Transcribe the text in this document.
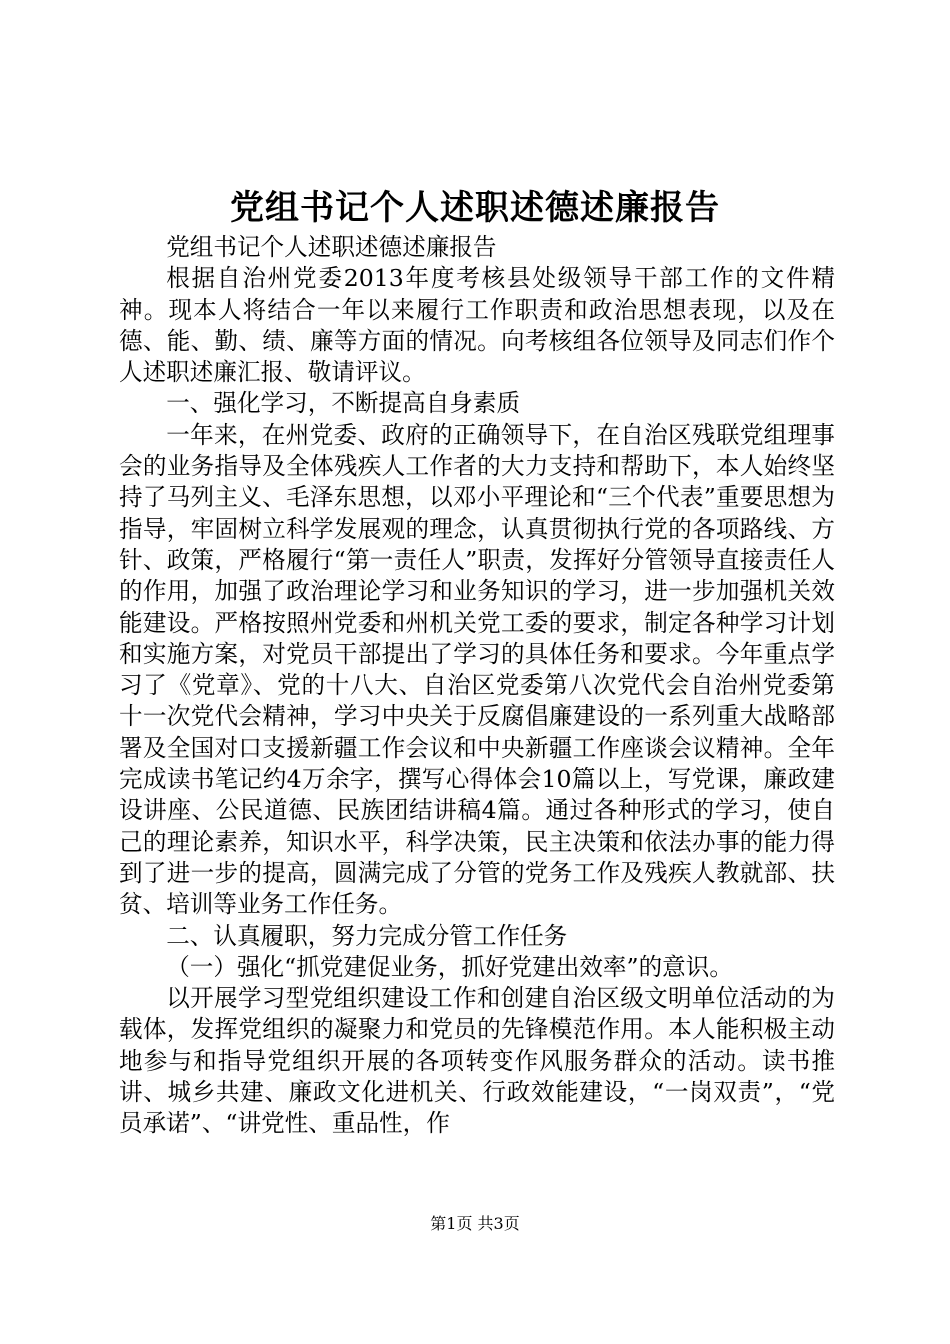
党组书记个人述职述德述廉报告

党组书记个人述职述德述廉报告

根据自治州党委2013年度考核县处级领导干部工作的文件精神。现本人将结合一年以来履行工作职责和政治思想表现，以及在德、能、勤、绩、廉等方面的情况。向考核组各位领导及同志们作个人述职述廉汇报、敬请评议。

一、强化学习，不断提高自身素质

一年来，在州党委、政府的正确领导下，在自治区残联党组理事会的业务指导及全体残疾人工作者的大力支持和帮助下，本人始终坚持了马列主义、毛泽东思想，以邓小平理论和“三个代表”重要思想为指导，牢固树立科学发展观的理念，认真贯彻执行党的各项路线、方针、政策，严格履行“第一责任人”职责，发挥好分管领导直接责任人的作用，加强了政治理论学习和业务知识的学习，进一步加强机关效能建设。严格按照州党委和州机关党工委的要求，制定各种学习计划和实施方案，对党员干部提出了学习的具体任务和要求。今年重点学习了《党章》、党的十八大、自治区党委第八次党代会自治州党委第十一次党代会精神，学习中央关于反腐倡廉建设的一系列重大战略部署及全国对口支援新疆工作会议和中央新疆工作座谈会议精神。全年完成读书笔记约4万余字，撰写心得体会10篇以上，写党课，廉政建设讲座、公民道德、民族团结讲稿4篇。通过各种形式的学习，使自己的理论素养，知识水平，科学决策，民主决策和依法办事的能力得到了进一步的提高，圆满完成了分管的党务工作及残疾人教就部、扶贫、培训等业务工作任务。

二、认真履职，努力完成分管工作任务

（一）强化“抓党建促业务，抓好党建出效率”的意识。

以开展学习型党组织建设工作和创建自治区级文明单位活动的为载体，发挥党组织的凝聚力和党员的先锋模范作用。本人能积极主动地参与和指导党组织开展的各项转变作风服务群众的活动。读书推讲、城乡共建、廉政文化进机关、行政效能建设，“一岗双责”，“党员承诺”、“讲党性、重品性，作

第1页 共3页
